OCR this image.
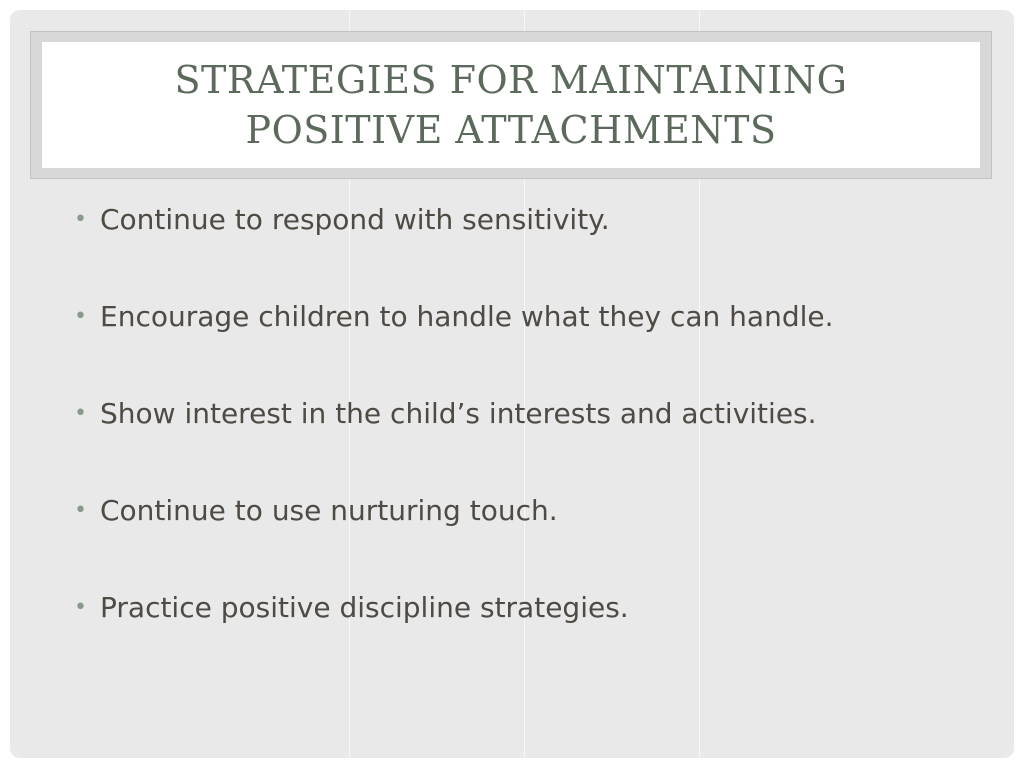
STRATEGIES FOR MAINTAINING
POSITIVE ATTACHMENTS
• Continue to respond with sensitivity.
• Encourage children to handle what they can handle.
• Show interest in the child’s interests and activities.
• Continue to use nurturing touch.
• Practice positive discipline strategies.
